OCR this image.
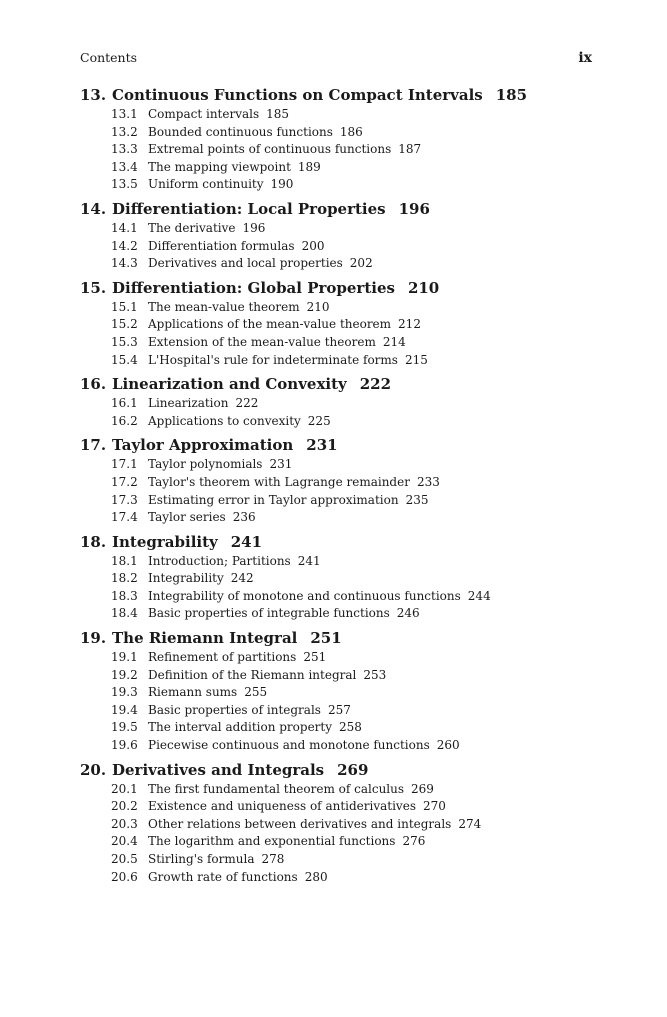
Contents	ix
13. Continuous Functions on Compact Intervals 185
13.1 Compact intervals 185
13.2 Bounded continuous functions 186
13.3 Extremal points of continuous functions 187
13.4 The mapping viewpoint 189
13.5 Uniform continuity 190
14. Differentiation: Local Properties 196
14.1 The derivative 196
14.2 Differentiation formulas 200
14.3 Derivatives and local properties 202
15. Differentiation: Global Properties 210
15.1 The mean-value theorem 210
15.2 Applications of the mean-value theorem 212
15.3 Extension of the mean-value theorem 214
15.4 L'Hospital's rule for indeterminate forms 215
16. Linearization and Convexity 222
16.1 Linearization 222
16.2 Applications to convexity 225
17. Taylor Approximation 231
17.1 Taylor polynomials 231
17.2 Taylor's theorem with Lagrange remainder 233
17.3 Estimating error in Taylor approximation 235
17.4 Taylor series 236
18. Integrability 241
18.1 Introduction; Partitions 241
18.2 Integrability 242
18.3 Integrability of monotone and continuous functions 244
18.4 Basic properties of integrable functions 246
19. The Riemann Integral 251
19.1 Refinement of partitions 251
19.2 Definition of the Riemann integral 253
19.3 Riemann sums 255
19.4 Basic properties of integrals 257
19.5 The interval addition property 258
19.6 Piecewise continuous and monotone functions 260
20. Derivatives and Integrals 269
20.1 The first fundamental theorem of calculus 269
20.2 Existence and uniqueness of antiderivatives 270
20.3 Other relations between derivatives and integrals 274
20.4 The logarithm and exponential functions 276
20.5 Stirling's formula 278
20.6 Growth rate of functions 280
